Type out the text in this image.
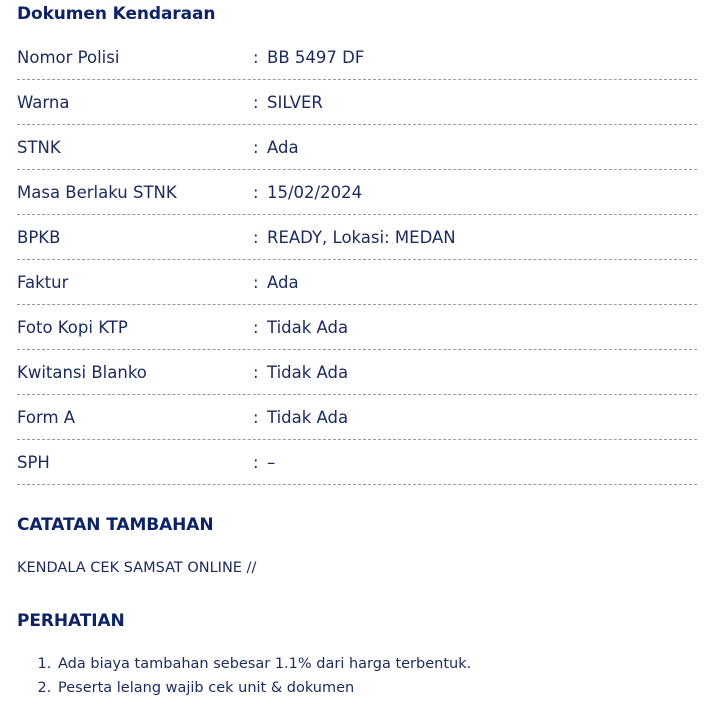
Dokumen Kendaraan
Nomor Polisi	: BB 5497 DF
Warna	: SILVER
STNK	: Ada
Masa Berlaku STNK	: 15/02/2024
BPKB	: READY, Lokasi: MEDAN
Faktur	: Ada
Foto Kopi KTP	: Tidak Ada
Kwitansi Blanko	: Tidak Ada
Form A	: Tidak Ada
SPH	: –
CATATAN TAMBAHAN
KENDALA CEK SAMSAT ONLINE //
PERHATIAN
1. Ada biaya tambahan sebesar 1.1% dari harga terbentuk.
2. Peserta lelang wajib cek unit & dokumen
